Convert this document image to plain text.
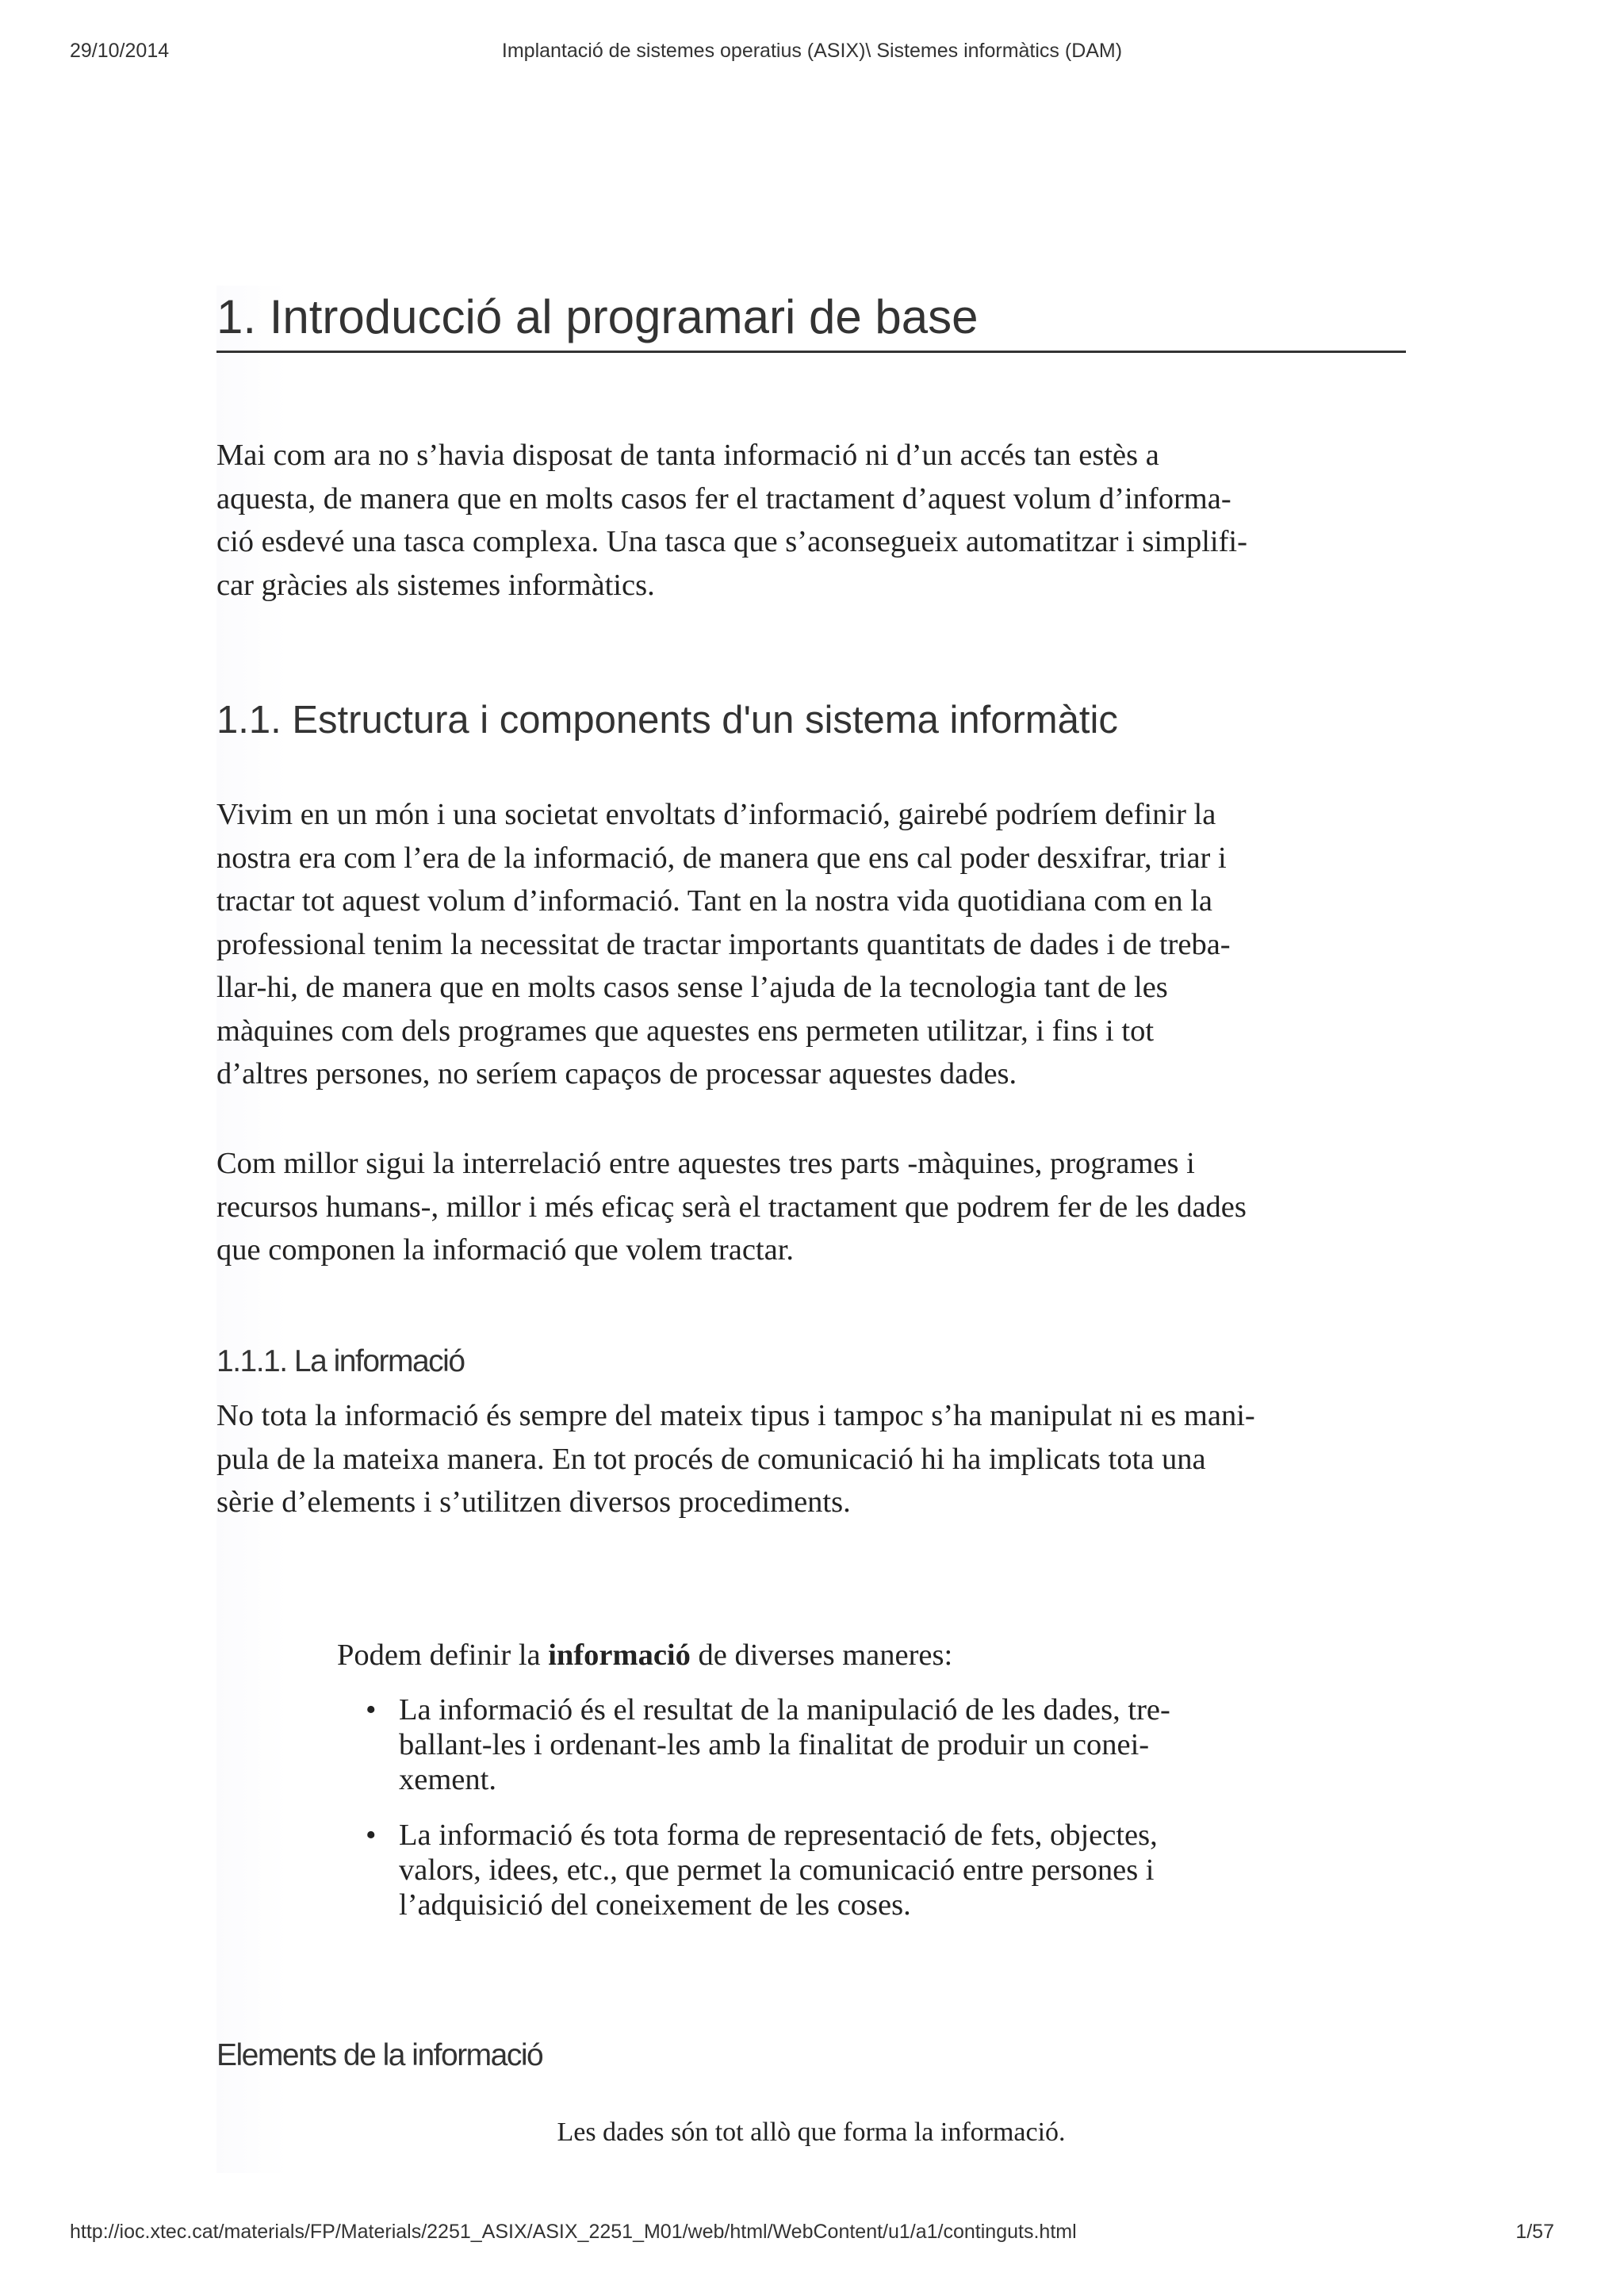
29/10/2014	Implantació de sistemes operatius (ASIX)\ Sistemes informàtics (DAM)
1. Introducció al programari de base

Mai com ara no s’havia disposat de tanta informació ni d’un accés tan estès a
aquesta, de manera que en molts casos fer el tractament d’aquest volum d’informa-
ció esdevé una tasca complexa. Una tasca que s’aconsegueix automatitzar i simplifi-
car gràcies als sistemes informàtics.

1.1. Estructura i components d'un sistema informàtic

Vivim en un món i una societat envoltats d’informació, gairebé podríem definir la
nostra era com l’era de la informació, de manera que ens cal poder desxifrar, triar i
tractar tot aquest volum d’informació. Tant en la nostra vida quotidiana com en la
professional tenim la necessitat de tractar importants quantitats de dades i de treba-
llar-hi, de manera que en molts casos sense l’ajuda de la tecnologia tant de les
màquines com dels programes que aquestes ens permeten utilitzar, i fins i tot
d’altres persones, no seríem capaços de processar aquestes dades.

Com millor sigui la interrelació entre aquestes tres parts -màquines, programes i
recursos humans-, millor i més eficaç serà el tractament que podrem fer de les dades
que componen la informació que volem tractar.

1.1.1. La informació

No tota la informació és sempre del mateix tipus i tampoc s’ha manipulat ni es mani-
pula de la mateixa manera. En tot procés de comunicació hi ha implicats tota una
sèrie d’elements i s’utilitzen diversos procediments.

Podem definir la informació de diverses maneres:

• La informació és el resultat de la manipulació de les dades, tre-
ballant-les i ordenant-les amb la finalitat de produir un conei-
xement.
• La informació és tota forma de representació de fets, objectes,
valors, idees, etc., que permet la comunicació entre persones i
l’adquisició del coneixement de les coses.
Elements de la informació

Les dades són tot allò que forma la informació.

http://ioc.xtec.cat/materials/FP/Materials/2251_ASIX/ASIX_2251_M01/web/html/WebContent/u1/a1/continguts.html	1/57
